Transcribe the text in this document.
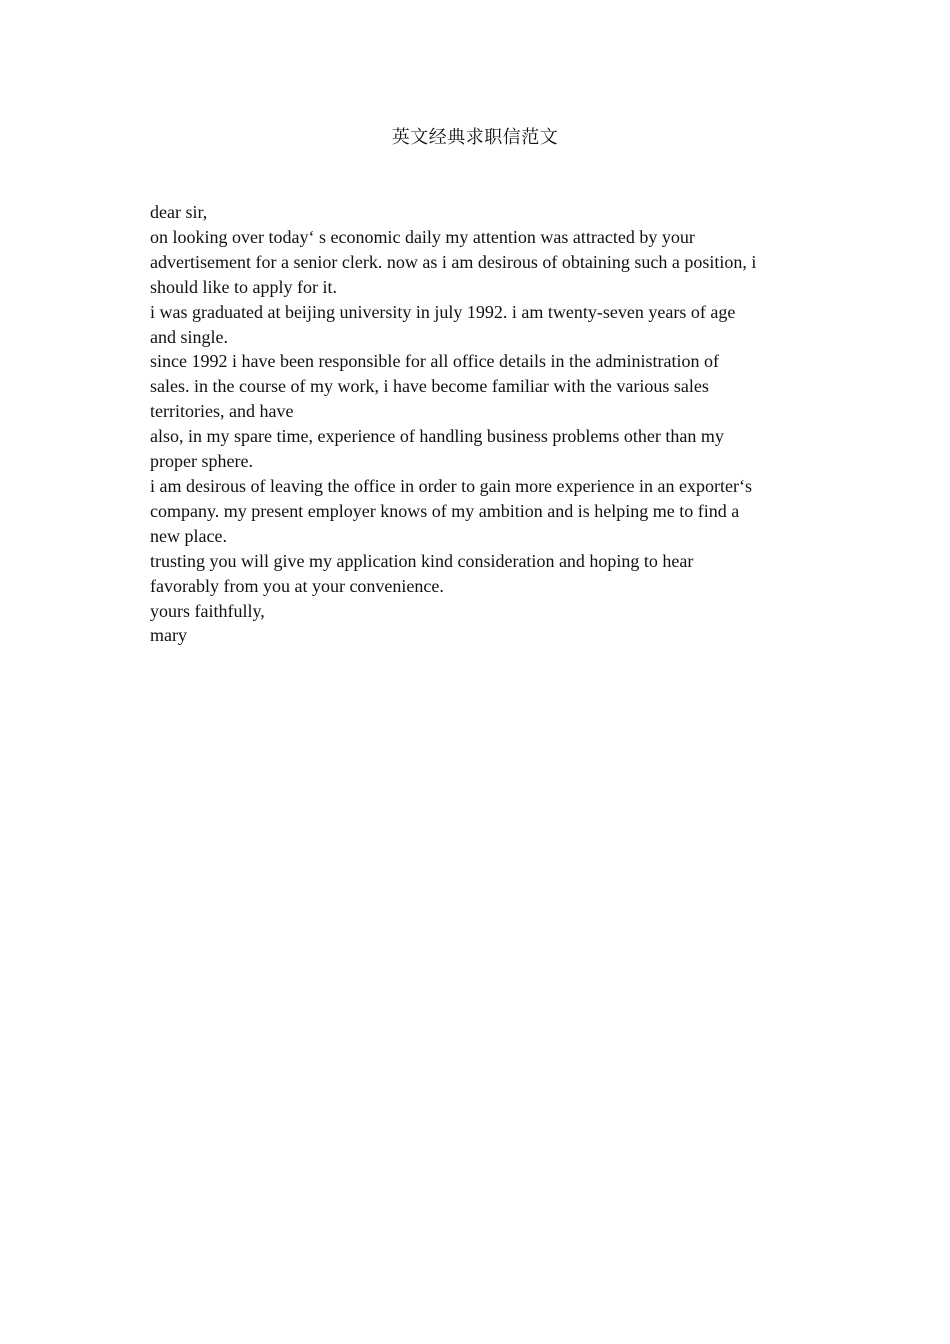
英文经典求职信范文
dear sir,
on looking over today‘ s economic daily my attention was attracted by your
advertisement for a senior clerk. now as i am desirous of obtaining such a position, i
should like to apply for it.
i was graduated at beijing university in july 1992. i am twenty-seven years of age
and single.
since 1992 i have been responsible for all office details in the administration of
sales. in the course of my work, i have become familiar with the various sales
territories, and have
also, in my spare time, experience of handling business problems other than my
proper sphere.
i am desirous of leaving the office in order to gain more experience in an exporter‘s
company. my present employer knows of my ambition and is helping me to find a
new place.
trusting you will give my application kind consideration and hoping to hear
favorably from you at your convenience.
yours faithfully,
mary
